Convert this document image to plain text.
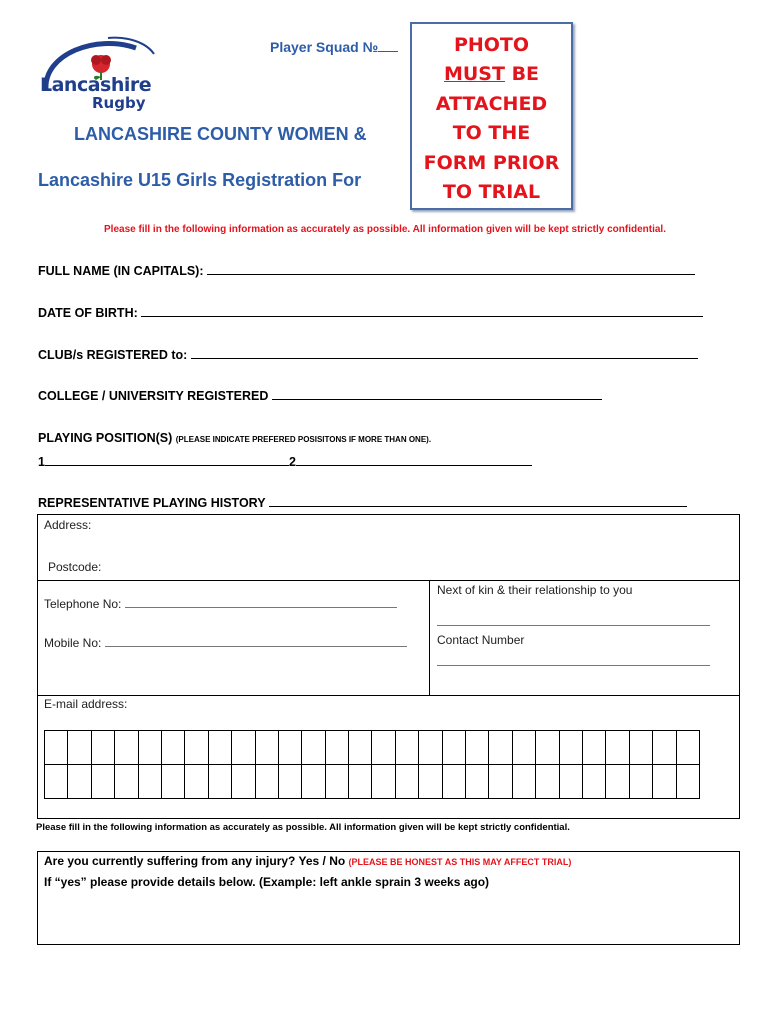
Lancashire
Rugby
Player Squad №
LANCASHIRE COUNTY WOMEN &
Lancashire U15 Girls Registration For
PHOTO
MUST BE
ATTACHED
TO THE
FORM PRIOR
TO TRIAL
Please fill in the following information as accurately as possible. All information given will be kept strictly confidential.
FULL NAME (IN CAPITALS):
DATE OF BIRTH:
CLUB/s REGISTERED to:
COLLEGE / UNIVERSITY REGISTERED
PLAYING POSITION(S) (PLEASE INDICATE PREFERED POSISITONS IF MORE THAN ONE).
1	2
REPRESENTATIVE PLAYING HISTORY
Address:
Postcode:
Telephone No:
Mobile No:
Next of kin & their relationship to you
Contact Number
E-mail address:

Please fill in the following information as accurately as possible. All information given will be kept strictly confidential.
Are you currently suffering from any injury? Yes / No (PLEASE BE HONEST AS THIS MAY AFFECT TRIAL)
If “yes” please provide details below. (Example: left ankle sprain 3 weeks ago)
